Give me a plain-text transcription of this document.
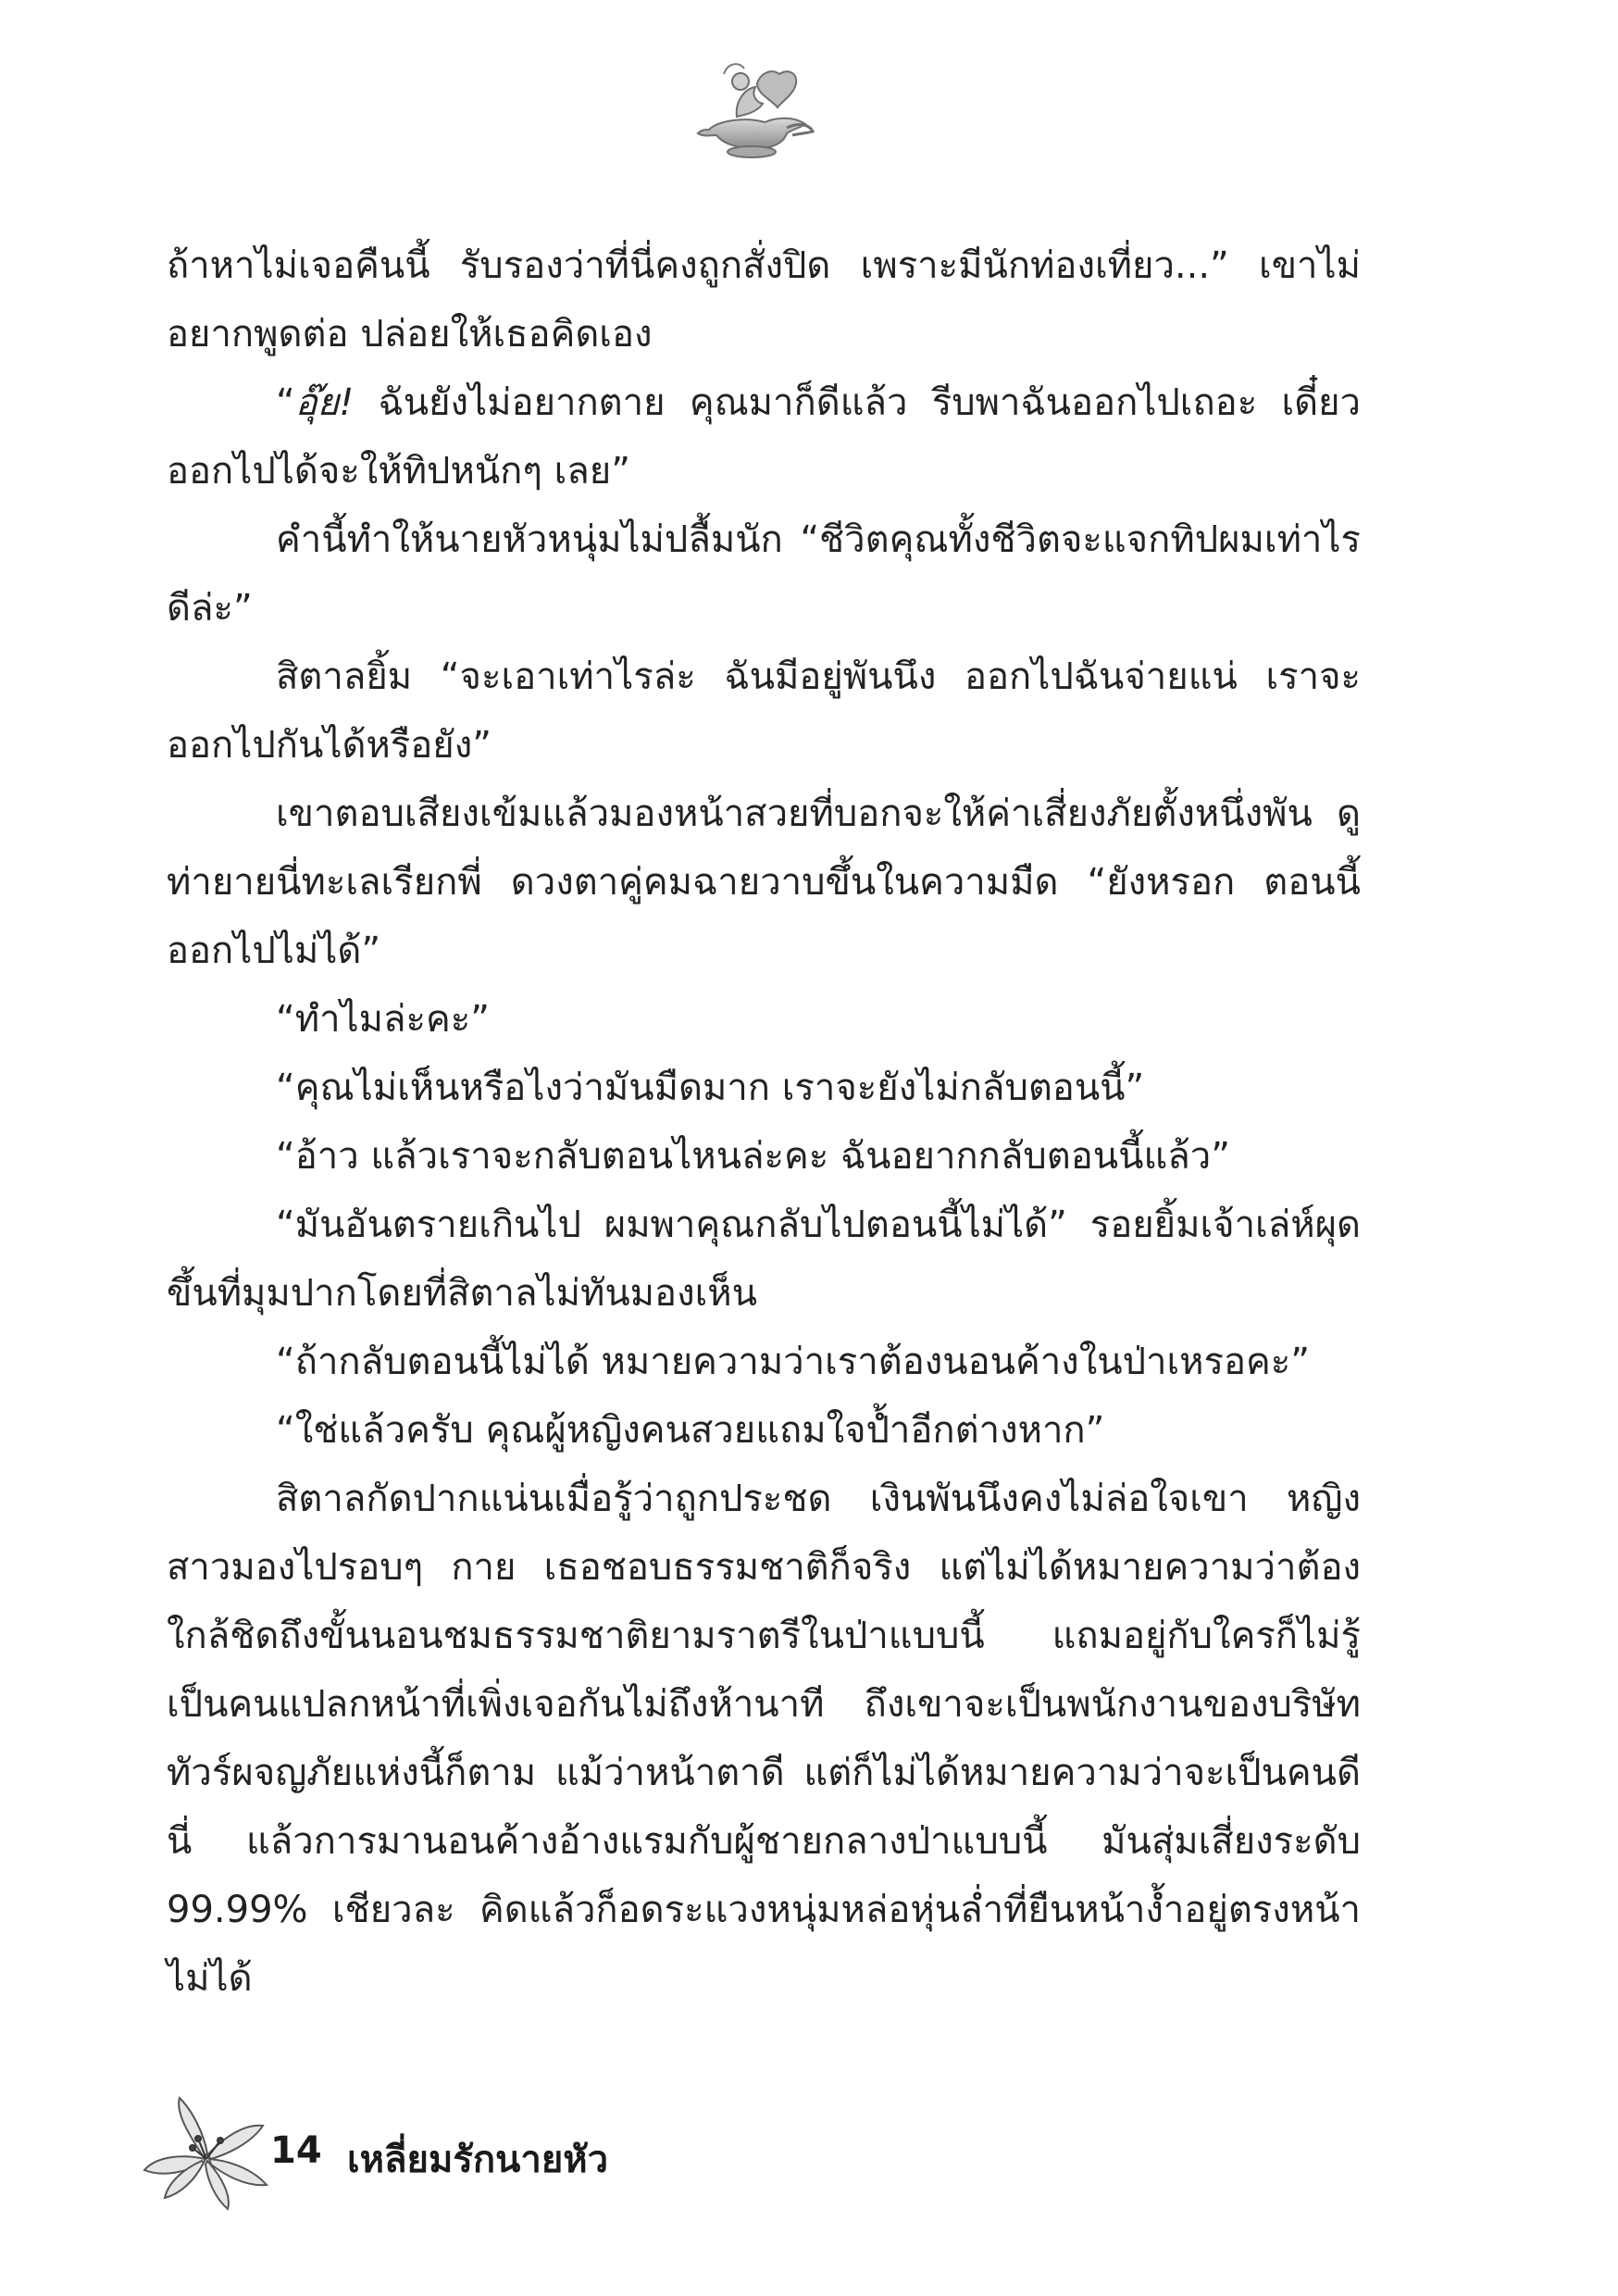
ถ้าหาไม่เจอคืนนี้ รับรองว่าที่นี่คงถูกสั่งปิด เพราะมีนักท่องเที่ยว...” เขาไม่อยากพูดต่อ ปล่อยให้เธอคิดเอง

“อุ๊ย! ฉันยังไม่อยากตาย คุณมาก็ดีแล้ว รีบพาฉันออกไปเถอะ เดี๋ยวออกไปได้จะให้ทิปหนักๆ เลย”

คำนี้ทำให้นายหัวหนุ่มไม่ปลื้มนัก “ชีวิตคุณทั้งชีวิตจะแจกทิปผมเท่าไรดีล่ะ”

สิตาลยิ้ม “จะเอาเท่าไรล่ะ ฉันมีอยู่พันนึง ออกไปฉันจ่ายแน่ เราจะออกไปกันได้หรือยัง”

เขาตอบเสียงเข้มแล้วมองหน้าสวยที่บอกจะให้ค่าเสี่ยงภัยตั้งหนึ่งพัน ดูท่ายายนี่ทะเลเรียกพี่ ดวงตาคู่คมฉายวาบขึ้นในความมืด “ยังหรอก ตอนนี้ออกไปไม่ได้”

“ทำไมล่ะคะ”

“คุณไม่เห็นหรือไงว่ามันมืดมาก เราจะยังไม่กลับตอนนี้”

“อ้าว แล้วเราจะกลับตอนไหนล่ะคะ ฉันอยากกลับตอนนี้แล้ว”

“มันอันตรายเกินไป ผมพาคุณกลับไปตอนนี้ไม่ได้” รอยยิ้มเจ้าเล่ห์ผุดขึ้นที่มุมปากโดยที่สิตาลไม่ทันมองเห็น

“ถ้ากลับตอนนี้ไม่ได้ หมายความว่าเราต้องนอนค้างในป่าเหรอคะ”

“ใช่แล้วครับ คุณผู้หญิงคนสวยแถมใจป้ำอีกต่างหาก”

สิตาลกัดปากแน่นเมื่อรู้ว่าถูกประชด เงินพันนึงคงไม่ล่อใจเขา หญิงสาวมองไปรอบๆ กาย เธอชอบธรรมชาติก็จริง แต่ไม่ได้หมายความว่าต้องใกล้ชิดถึงขั้นนอนชมธรรมชาติยามราตรีในป่าแบบนี้ แถมอยู่กับใครก็ไม่รู้ เป็นคนแปลกหน้าที่เพิ่งเจอกันไม่ถึงห้านาที ถึงเขาจะเป็นพนักงานของบริษัททัวร์ผจญภัยแห่งนี้ก็ตาม แม้ว่าหน้าตาดี แต่ก็ไม่ได้หมายความว่าจะเป็นคนดีนี่ แล้วการมานอนค้างอ้างแรมกับผู้ชายกลางป่าแบบนี้ มันสุ่มเสี่ยงระดับ 99.99% เชียวละ คิดแล้วก็อดระแวงหนุ่มหล่อหุ่นล่ำที่ยืนหน้างํ้าอยู่ตรงหน้าไม่ได้

14 เหลี่ยมรักนายหัว
